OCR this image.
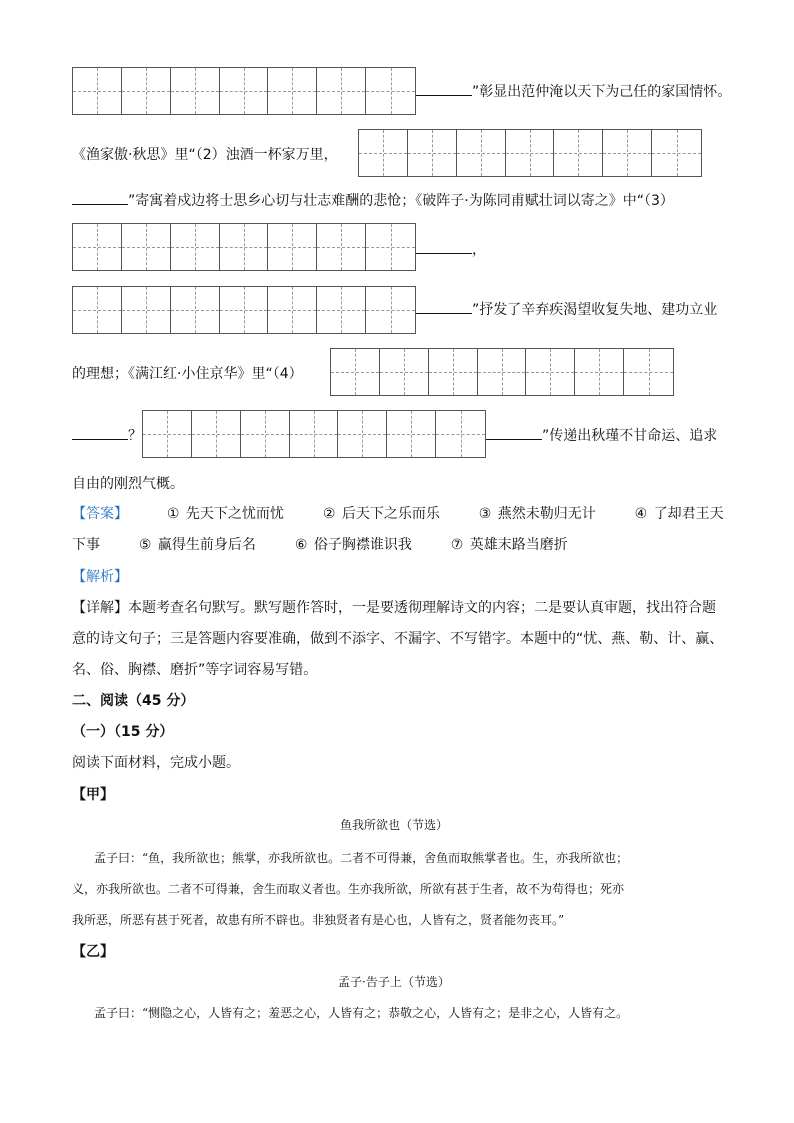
”彰显出范仲淹以天下为己任的家国情怀。
《渔家傲·秋思》里“（2）浊酒一杯家万里，
”寄寓着戍边将士思乡心切与壮志难酬的悲怆；《破阵子·为陈同甫赋壮词以寄之》中“（3）
，
”抒发了辛弃疾渴望收复失地、建功立业
的理想；《满江红·小住京华》里“（4）
？	”传递出秋瑾不甘命运、追求
自由的刚烈气概。
【答案】	① 先天下之忧而忧	② 后天下之乐而乐	③ 燕然未勒归无计	④ 了却君王天
下事	⑤ 赢得生前身后名	⑥ 俗子胸襟谁识我	⑦ 英雄末路当磨折
【解析】
【详解】本题考查名句默写。默写题作答时，一是要透彻理解诗文的内容；二是要认真审题，找出符合题
意的诗文句子；三是答题内容要准确，做到不添字、不漏字、不写错字。本题中的“忧、燕、勒、计、赢、
名、俗、胸襟、磨折”等字词容易写错。
二、阅读（45 分）
（一）（15 分）
阅读下面材料，完成小题。
【甲】
鱼我所欲也（节选）
孟子曰：“鱼，我所欲也；熊掌，亦我所欲也。二者不可得兼，舍鱼而取熊掌者也。生，亦我所欲也；
义，亦我所欲也。二者不可得兼，舍生而取义者也。生亦我所欲，所欲有甚于生者，故不为苟得也；死亦
我所恶，所恶有甚于死者，故患有所不辟也。非独贤者有是心也，人皆有之，贤者能勿丧耳。”
【乙】
孟子·告子上（节选）
孟子曰：“恻隐之心，人皆有之；羞恶之心，人皆有之；恭敬之心，人皆有之；是非之心，人皆有之。
